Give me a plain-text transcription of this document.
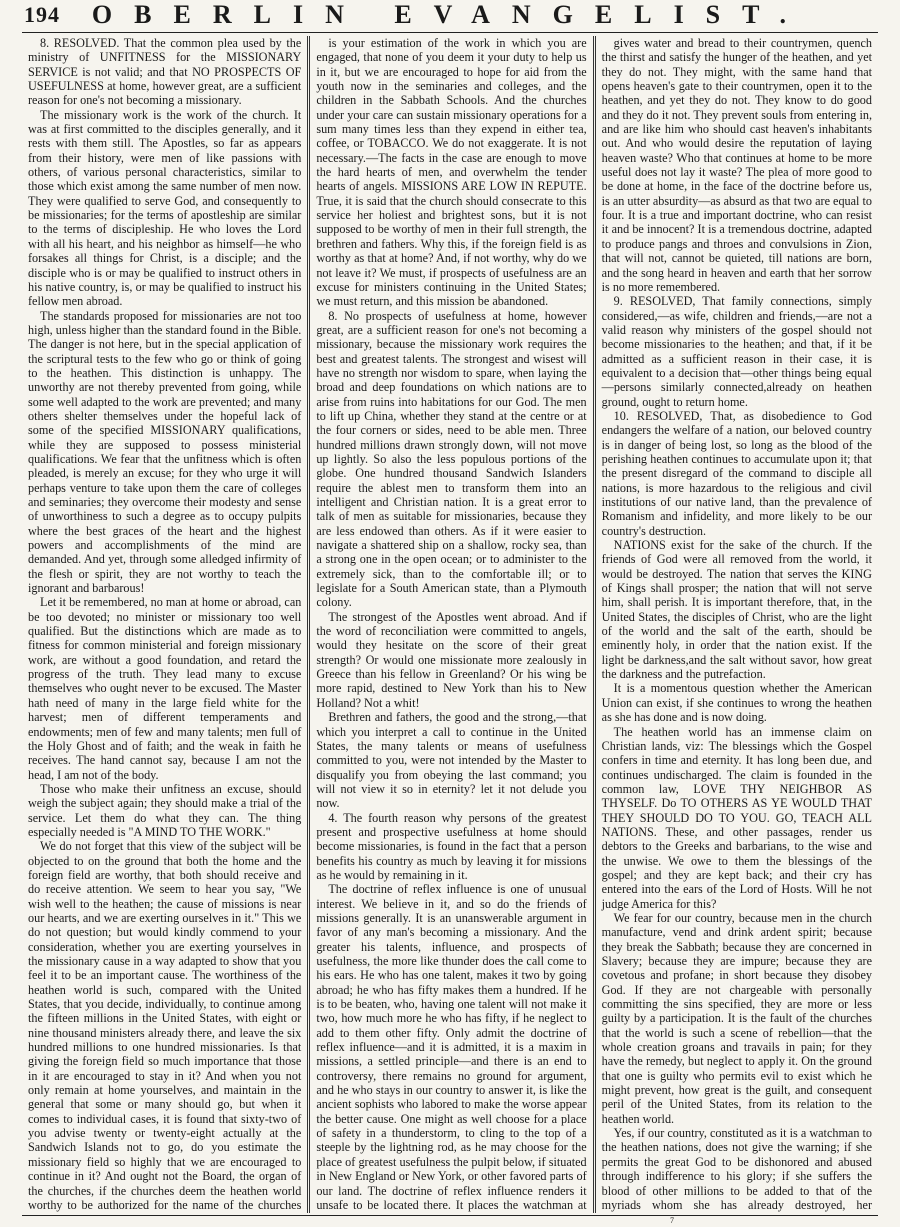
194	OBERLIN EVANGELIST.

8. RESOLVED. That the common plea used by the ministry of UNFITNESS for the MISSIONARY SERVICE is not valid; and that NO PROSPECTS OF USEFULNESS at home, however great, are a sufficient reason for one's not becoming a missionary.

The missionary work is the work of the church. It was at first committed to the disciples generally, and it rests with them still. The Apostles, so far as appears from their history, were men of like passions with others, of various personal characteristics, similar to those which exist among the same number of men now. They were qualified to serve God, and consequently to be missionaries; for the terms of apostleship are similar to the terms of discipleship. He who loves the Lord with all his heart, and his neighbor as himself—he who forsakes all things for Christ, is a disciple; and the disciple who is or may be qualified to instruct others in his native country, is, or may be qualified to instruct his fellow men abroad.

The standards proposed for missionaries are not too high, unless higher than the standard found in the Bible. The danger is not here, but in the special application of the scriptural tests to the few who go or think of going to the heathen. This distinction is unhappy. The unworthy are not thereby prevented from going, while some well adapted to the work are prevented; and many others shelter themselves under the hopeful lack of some of the specified MISSIONARY qualifications, while they are supposed to possess ministerial qualifications. We fear that the unfitness which is often pleaded, is merely an excuse; for they who urge it will perhaps venture to take upon them the care of colleges and seminaries; they overcome their modesty and sense of unworthiness to such a degree as to occupy pulpits where the best graces of the heart and the highest powers and accomplishments of the mind are demanded. And yet, through some alledged infirmity of the flesh or spirit, they are not worthy to teach the ignorant and barbarous!

Let it be remembered, no man at home or abroad, can be too devoted; no minister or missionary too well qualified. But the distinctions which are made as to fitness for common ministerial and foreign missionary work, are without a good foundation, and retard the progress of the truth. They lead many to excuse themselves who ought never to be excused. The Master hath need of many in the large field white for the harvest; men of different temperaments and endowments; men of few and many talents; men full of the Holy Ghost and of faith; and the weak in faith he receives. The hand cannot say, because I am not the head, I am not of the body.

Those who make their unfitness an excuse, should weigh the subject again; they should make a trial of the service. Let them do what they can. The thing especially needed is "A MIND TO THE WORK."

We do not forget that this view of the subject will be objected to on the ground that both the home and the foreign field are worthy, that both should receive and do receive attention. We seem to hear you say, "We wish well to the heathen; the cause of missions is near our hearts, and we are exerting ourselves in it." This we do not question; but would kindly commend to your consideration, whether you are exerting yourselves in the missionary cause in a way adapted to show that you feel it to be an important cause. The worthiness of the heathen world is such, compared with the United States, that you decide, individually, to continue among the fifteen millions in the United States, with eight or nine thousand ministers already there, and leave the six hundred millions to one hundred missionaries. Is that giving the foreign field so much importance that those in it are encouraged to stay in it? And when you not only remain at home yourselves, and maintain in the general that some or many should go, but when it comes to individual cases, it is found that sixty-two of you advise twenty or twenty-eight actually at the Sandwich Islands not to go, do you estimate the missionary field so highly that we are encouraged to continue in it? And ought not the Board, the organ of the churches, if the churches deem the heathen world worthy to be authorized for the name of the churches

is your estimation of the work in which you are engaged, that none of you deem it your duty to help us in it, but we are encouraged to hope for aid from the youth now in the seminaries and colleges, and the children in the Sabbath Schools. And the churches under your care can sustain missionary operations for a sum many times less than they expend in either tea, coffee, or TOBACCO. We do not exaggerate. It is not necessary.—The facts in the case are enough to move the hard hearts of men, and overwhelm the tender hearts of angels. MISSIONS ARE LOW IN REPUTE. True, it is said that the church should consecrate to this service her holiest and brightest sons, but it is not supposed to be worthy of men in their full strength, the brethren and fathers. Why this, if the foreign field is as worthy as that at home? And, if not worthy, why do we not leave it? We must, if prospects of usefulness are an excuse for ministers continuing in the United States; we must return, and this mission be abandoned.

8. No prospects of usefulness at home, however great, are a sufficient reason for one's not becoming a missionary, because the missionary work requires the best and greatest talents. The strongest and wisest will have no strength nor wisdom to spare, when laying the broad and deep foundations on which nations are to arise from ruins into habitations for our God. The men to lift up China, whether they stand at the centre or at the four corners or sides, need to be able men. Three hundred millions drawn strongly down, will not move up lightly. So also the less populous portions of the globe. One hundred thousand Sandwich Islanders require the ablest men to transform them into an intelligent and Christian nation. It is a great error to talk of men as suitable for missionaries, because they are less endowed than others. As if it were easier to navigate a shattered ship on a shallow, rocky sea, than a strong one in the open ocean; or to administer to the extremely sick, than to the comfortable ill; or to legislate for a South American state, than a Plymouth colony.

The strongest of the Apostles went abroad. And if the word of reconciliation were committed to angels, would they hesitate on the score of their great strength? Or would one missionate more zealously in Greece than his fellow in Greenland? Or his wing be more rapid, destined to New York than his to New Holland? Not a whit!

Brethren and fathers, the good and the strong,—that which you interpret a call to continue in the United States, the many talents or means of usefulness committed to you, were not intended by the Master to disqualify you from obeying the last command; you will not view it so in eternity? let it not delude you now.

4. The fourth reason why persons of the greatest present and prospective usefulness at home should become missionaries, is found in the fact that a person benefits his country as much by leaving it for missions as he would by remaining in it.

The doctrine of reflex influence is one of unusual interest. We believe in it, and so do the friends of missions generally. It is an unanswerable argument in favor of any man's becoming a missionary. And the greater his talents, influence, and prospects of usefulness, the more like thunder does the call come to his ears. He who has one talent, makes it two by going abroad; he who has fifty makes them a hundred. If he is to be beaten, who, having one talent will not make it two, how much more he who has fifty, if he neglect to add to them other fifty. Only admit the doctrine of reflex influence—and it is admitted, it is a maxim in missions, a settled principle—and there is an end to controversy, there remains no ground for argument, and he who stays in our country to answer it, is like the ancient sophists who labored to make the worse appear the better cause. One might as well choose for a place of safety in a thunderstorm, to cling to the top of a steeple by the lightning rod, as he may choose for the place of greatest usefulness the pulpit below, if situated in New England or New York, or other favored parts of our land. The doctrine of reflex influence renders it unsafe to be located there. It places the watchman at

gives water and bread to their countrymen, quench the thirst and satisfy the hunger of the heathen, and yet they do not. They might, with the same hand that opens heaven's gate to their countrymen, open it to the heathen, and yet they do not. They know to do good and they do it not. They prevent souls from entering in, and are like him who should cast heaven's inhabitants out. And who would desire the reputation of laying heaven waste? Who that continues at home to be more useful does not lay it waste? The plea of more good to be done at home, in the face of the doctrine before us, is an utter absurdity—as absurd as that two are equal to four. It is a true and important doctrine, who can resist it and be innocent? It is a tremendous doctrine, adapted to produce pangs and throes and convulsions in Zion, that will not, cannot be quieted, till nations are born, and the song heard in heaven and earth that her sorrow is no more remembered.

9. RESOLVED, That family connections, simply considered,—as wife, children and friends,—are not a valid reason why ministers of the gospel should not become missionaries to the heathen; and that, if it be admitted as a sufficient reason in their case, it is equivalent to a decision that—other things being equal—persons similarly connected,already on heathen ground, ought to return home.

10. RESOLVED, That, as disobedience to God endangers the welfare of a nation, our beloved country is in danger of being lost, so long as the blood of the perishing heathen continues to accumulate upon it; that the present disregard of the command to disciple all nations, is more hazardous to the religious and civil institutions of our native land, than the prevalence of Romanism and infidelity, and more likely to be our country's destruction.

NATIONS exist for the sake of the church. If the friends of God were all removed from the world, it would be destroyed. The nation that serves the KING of Kings shall prosper; the nation that will not serve him, shall perish. It is important therefore, that, in the United States, the disciples of Christ, who are the light of the world and the salt of the earth, should be eminently holy, in order that the nation exist. If the light be darkness,and the salt without savor, how great the darkness and the putrefaction.

It is a momentous question whether the American Union can exist, if she continues to wrong the heathen as she has done and is now doing.

The heathen world has an immense claim on Christian lands, viz: The blessings which the Gospel confers in time and eternity. It has long been due, and continues undischarged. The claim is founded in the common law, LOVE THY NEIGHBOR AS THYSELF. Do TO OTHERS AS YE WOULD THAT THEY SHOULD DO TO YOU. GO, TEACH ALL NATIONS. These, and other passages, render us debtors to the Greeks and barbarians, to the wise and the unwise. We owe to them the blessings of the gospel; and they are kept back; and their cry has entered into the ears of the Lord of Hosts. Will he not judge America for this?

We fear for our country, because men in the church manufacture, vend and drink ardent spirit; because they break the Sabbath; because they are concerned in Slavery; because they are impure; because they are covetous and profane; in short because they disobey God. If they are not chargeable with personally committing the sins specified, they are more or less guilty by a participation. It is the fault of the churches that the world is such a scene of rebellion—that the whole creation groans and travails in pain; for they have the remedy, but neglect to apply it. On the ground that one is guilty who permits evil to exist which he might prevent, how great is the guilt, and consequent peril of the United States, from its relation to the heathen world.

Yes, if our country, constituted as it is a watchman to the heathen nations, does not give the warning; if she permits the great God to be dishonored and abused through indifference to his glory; if she suffers the blood of other millions to be added to that of the myriads whom she has already destroyed, her

7
